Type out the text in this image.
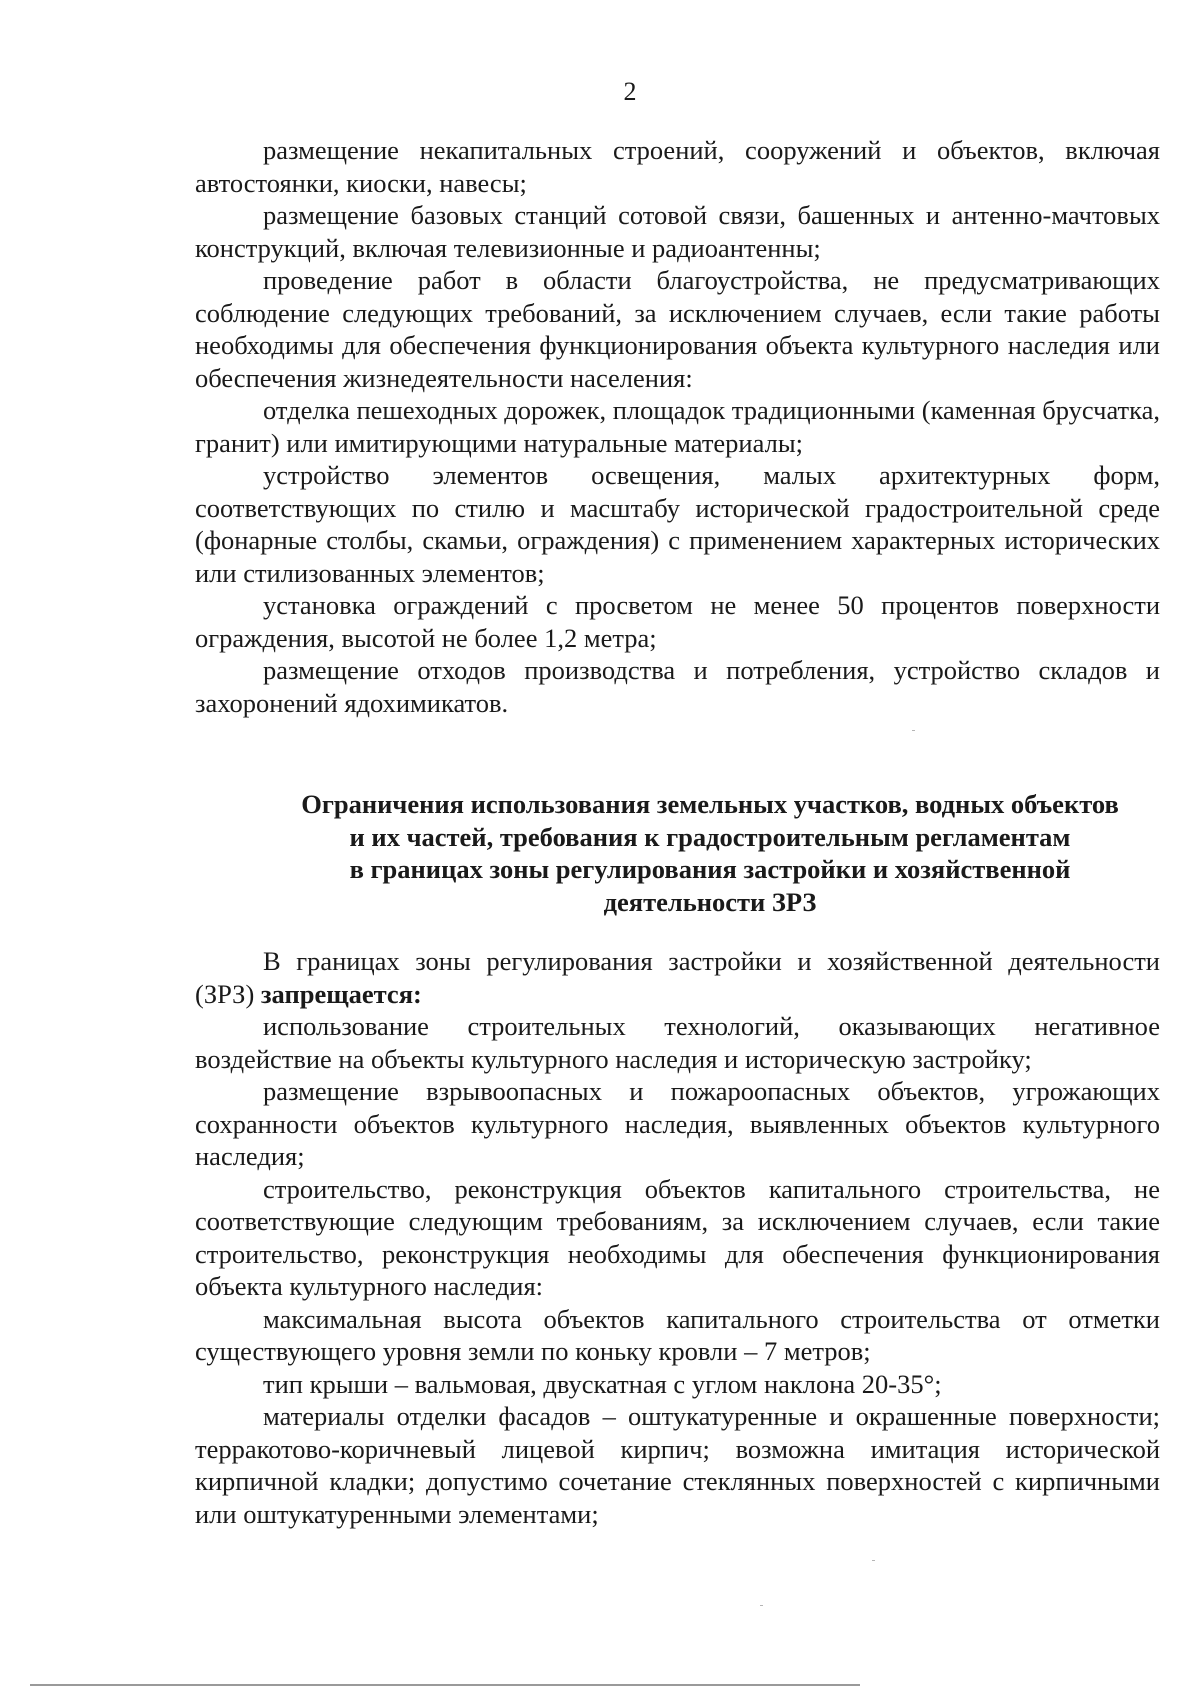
2

размещение некапитальных строений, сооружений и объектов, включая автостоянки, киоски, навесы;

размещение базовых станций сотовой связи, башенных и антенно-мачтовых конструкций, включая телевизионные и радиоантенны;

проведение работ в области благоустройства, не предусматривающих соблюдение следующих требований, за исключением случаев, если такие работы необходимы для обеспечения функционирования объекта культурного наследия или обеспечения жизнедеятельности населения:

отделка пешеходных дорожек, площадок традиционными (каменная брусчатка, гранит) или имитирующими натуральные материалы;

устройство элементов освещения, малых архитектурных форм, соответствующих по стилю и масштабу исторической градостроительной среде (фонарные столбы, скамьи, ограждения) с применением характерных исторических или стилизованных элементов;

установка ограждений с просветом не менее 50 процентов поверхности ограждения, высотой не более 1,2 метра;

размещение отходов производства и потребления, устройство складов и захоронений ядохимикатов.

Ограничения использования земельных участков, водных объектов
и их частей, требования к градостроительным регламентам
в границах зоны регулирования застройки и хозяйственной
деятельности ЗРЗ

В границах зоны регулирования застройки и хозяйственной деятельности (ЗРЗ) запрещается:

использование строительных технологий, оказывающих негативное воздействие на объекты культурного наследия и историческую застройку;

размещение взрывоопасных и пожароопасных объектов, угрожающих сохранности объектов культурного наследия, выявленных объектов культурного наследия;

строительство, реконструкция объектов капитального строительства, не соответствующие следующим требованиям, за исключением случаев, если такие строительство, реконструкция необходимы для обеспечения функционирования объекта культурного наследия:

максимальная высота объектов капитального строительства от отметки существующего уровня земли по коньку кровли – 7 метров;

тип крыши – вальмовая, двускатная с углом наклона 20-35°;

материалы отделки фасадов – оштукатуренные и окрашенные поверхности; терракотово-коричневый лицевой кирпич; возможна имитация исторической кирпичной кладки; допустимо сочетание стеклянных поверхностей с кирпичными или оштукатуренными элементами;
